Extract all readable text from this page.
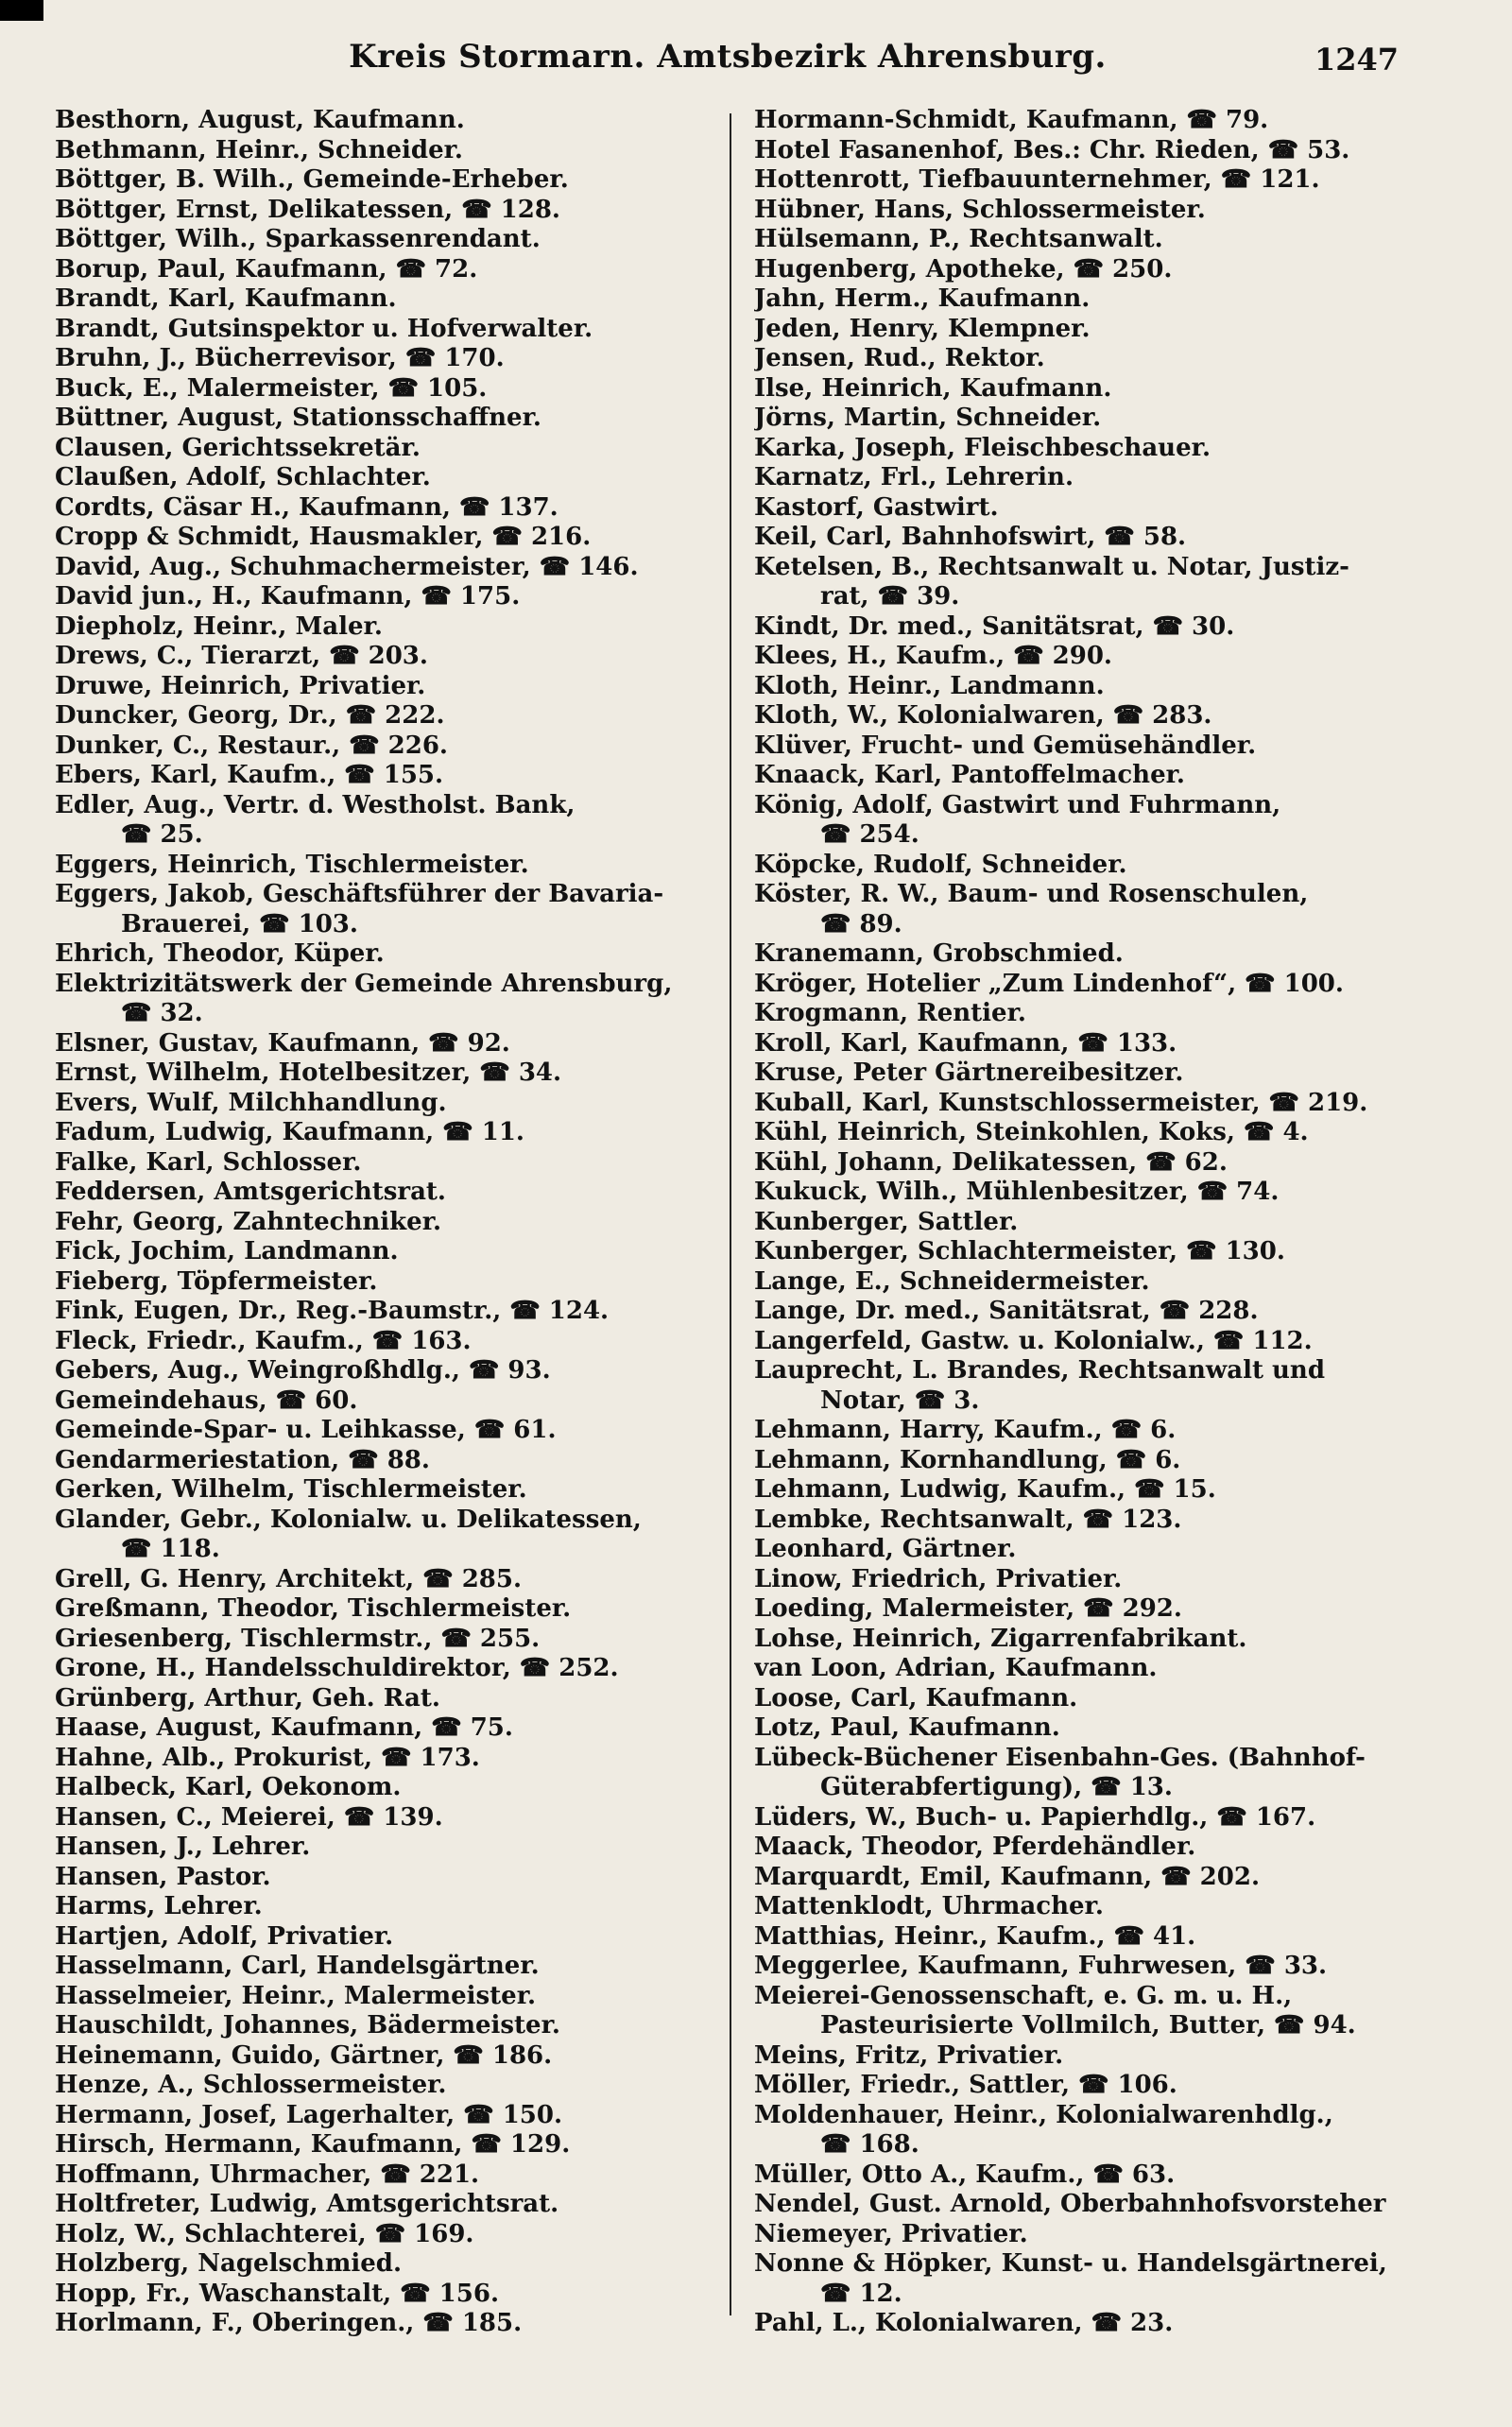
Kreis Stormarn. Amtsbezirk Ahrensburg.	1247
Besthorn, August, Kaufmann.
Bethmann, Heinr., Schneider.
Böttger, B. Wilh., Gemeinde-Erheber.
Böttger, Ernst, Delikatessen, ☎ 128.
Böttger, Wilh., Sparkassenrendant.
Borup, Paul, Kaufmann, ☎ 72.
Brandt, Karl, Kaufmann.
Brandt, Gutsinspektor u. Hofverwalter.
Bruhn, J., Bücherrevisor, ☎ 170.
Buck, E., Malermeister, ☎ 105.
Büttner, August, Stationsschaffner.
Clausen, Gerichtssekretär.
Claußen, Adolf, Schlachter.
Cordts, Cäsar H., Kaufmann, ☎ 137.
Cropp & Schmidt, Hausmakler, ☎ 216.
David, Aug., Schuhmachermeister, ☎ 146.
David jun., H., Kaufmann, ☎ 175.
Diepholz, Heinr., Maler.
Drews, C., Tierarzt, ☎ 203.
Druwe, Heinrich, Privatier.
Duncker, Georg, Dr., ☎ 222.
Dunker, C., Restaur., ☎ 226.
Ebers, Karl, Kaufm., ☎ 155.
Edler, Aug., Vertr. d. Westholst. Bank,
☎ 25.
Eggers, Heinrich, Tischlermeister.
Eggers, Jakob, Geschäftsführer der Bavaria-
Brauerei, ☎ 103.
Ehrich, Theodor, Küper.
Elektrizitätswerk der Gemeinde Ahrensburg,
☎ 32.
Elsner, Gustav, Kaufmann, ☎ 92.
Ernst, Wilhelm, Hotelbesitzer, ☎ 34.
Evers, Wulf, Milchhandlung.
Fadum, Ludwig, Kaufmann, ☎ 11.
Falke, Karl, Schlosser.
Feddersen, Amtsgerichtsrat.
Fehr, Georg, Zahntechniker.
Fick, Jochim, Landmann.
Fieberg, Töpfermeister.
Fink, Eugen, Dr., Reg.-Baumstr., ☎ 124.
Fleck, Friedr., Kaufm., ☎ 163.
Gebers, Aug., Weingroßhdlg., ☎ 93.
Gemeindehaus, ☎ 60.
Gemeinde-Spar- u. Leihkasse, ☎ 61.
Gendarmeriestation, ☎ 88.
Gerken, Wilhelm, Tischlermeister.
Glander, Gebr., Kolonialw. u. Delikatessen,
☎ 118.
Grell, G. Henry, Architekt, ☎ 285.
Greßmann, Theodor, Tischlermeister.
Griesenberg, Tischlermstr., ☎ 255.
Grone, H., Handelsschuldirektor, ☎ 252.
Grünberg, Arthur, Geh. Rat.
Haase, August, Kaufmann, ☎ 75.
Hahne, Alb., Prokurist, ☎ 173.
Halbeck, Karl, Oekonom.
Hansen, C., Meierei, ☎ 139.
Hansen, J., Lehrer.
Hansen, Pastor.
Harms, Lehrer.
Hartjen, Adolf, Privatier.
Hasselmann, Carl, Handelsgärtner.
Hasselmeier, Heinr., Malermeister.
Hauschildt, Johannes, Bädermeister.
Heinemann, Guido, Gärtner, ☎ 186.
Henze, A., Schlossermeister.
Hermann, Josef, Lagerhalter, ☎ 150.
Hirsch, Hermann, Kaufmann, ☎ 129.
Hoffmann, Uhrmacher, ☎ 221.
Holtfreter, Ludwig, Amtsgerichtsrat.
Holz, W., Schlachterei, ☎ 169.
Holzberg, Nagelschmied.
Hopp, Fr., Waschanstalt, ☎ 156.
Horlmann, F., Oberingen., ☎ 185.
Hormann-Schmidt, Kaufmann, ☎ 79.
Hotel Fasanenhof, Bes.: Chr. Rieden, ☎ 53.
Hottenrott, Tiefbauunternehmer, ☎ 121.
Hübner, Hans, Schlossermeister.
Hülsemann, P., Rechtsanwalt.
Hugenberg, Apotheke, ☎ 250.
Jahn, Herm., Kaufmann.
Jeden, Henry, Klempner.
Jensen, Rud., Rektor.
Ilse, Heinrich, Kaufmann.
Jörns, Martin, Schneider.
Karka, Joseph, Fleischbeschauer.
Karnatz, Frl., Lehrerin.
Kastorf, Gastwirt.
Keil, Carl, Bahnhofswirt, ☎ 58.
Ketelsen, B., Rechtsanwalt u. Notar, Justiz-
rat, ☎ 39.
Kindt, Dr. med., Sanitätsrat, ☎ 30.
Klees, H., Kaufm., ☎ 290.
Kloth, Heinr., Landmann.
Kloth, W., Kolonialwaren, ☎ 283.
Klüver, Frucht- und Gemüsehändler.
Knaack, Karl, Pantoffelmacher.
König, Adolf, Gastwirt und Fuhrmann,
☎ 254.
Köpcke, Rudolf, Schneider.
Köster, R. W., Baum- und Rosenschulen,
☎ 89.
Kranemann, Grobschmied.
Kröger, Hotelier „Zum Lindenhof“, ☎ 100.
Krogmann, Rentier.
Kroll, Karl, Kaufmann, ☎ 133.
Kruse, Peter Gärtnereibesitzer.
Kuball, Karl, Kunstschlossermeister, ☎ 219.
Kühl, Heinrich, Steinkohlen, Koks, ☎ 4.
Kühl, Johann, Delikatessen, ☎ 62.
Kukuck, Wilh., Mühlenbesitzer, ☎ 74.
Kunberger, Sattler.
Kunberger, Schlachtermeister, ☎ 130.
Lange, E., Schneidermeister.
Lange, Dr. med., Sanitätsrat, ☎ 228.
Langerfeld, Gastw. u. Kolonialw., ☎ 112.
Lauprecht, L. Brandes, Rechtsanwalt und
Notar, ☎ 3.
Lehmann, Harry, Kaufm., ☎ 6.
Lehmann, Kornhandlung, ☎ 6.
Lehmann, Ludwig, Kaufm., ☎ 15.
Lembke, Rechtsanwalt, ☎ 123.
Leonhard, Gärtner.
Linow, Friedrich, Privatier.
Loeding, Malermeister, ☎ 292.
Lohse, Heinrich, Zigarrenfabrikant.
van Loon, Adrian, Kaufmann.
Loose, Carl, Kaufmann.
Lotz, Paul, Kaufmann.
Lübeck-Büchener Eisenbahn-Ges. (Bahnhof-
Güterabfertigung), ☎ 13.
Lüders, W., Buch- u. Papierhdlg., ☎ 167.
Maack, Theodor, Pferdehändler.
Marquardt, Emil, Kaufmann, ☎ 202.
Mattenklodt, Uhrmacher.
Matthias, Heinr., Kaufm., ☎ 41.
Meggerlee, Kaufmann, Fuhrwesen, ☎ 33.
Meierei-Genossenschaft, e. G. m. u. H.,
Pasteurisierte Vollmilch, Butter, ☎ 94.
Meins, Fritz, Privatier.
Möller, Friedr., Sattler, ☎ 106.
Moldenhauer, Heinr., Kolonialwarenhdlg.,
☎ 168.
Müller, Otto A., Kaufm., ☎ 63.
Nendel, Gust. Arnold, Oberbahnhofsvorsteher
Niemeyer, Privatier.
Nonne & Höpker, Kunst- u. Handelsgärtnerei,
☎ 12.
Pahl, L., Kolonialwaren, ☎ 23.
